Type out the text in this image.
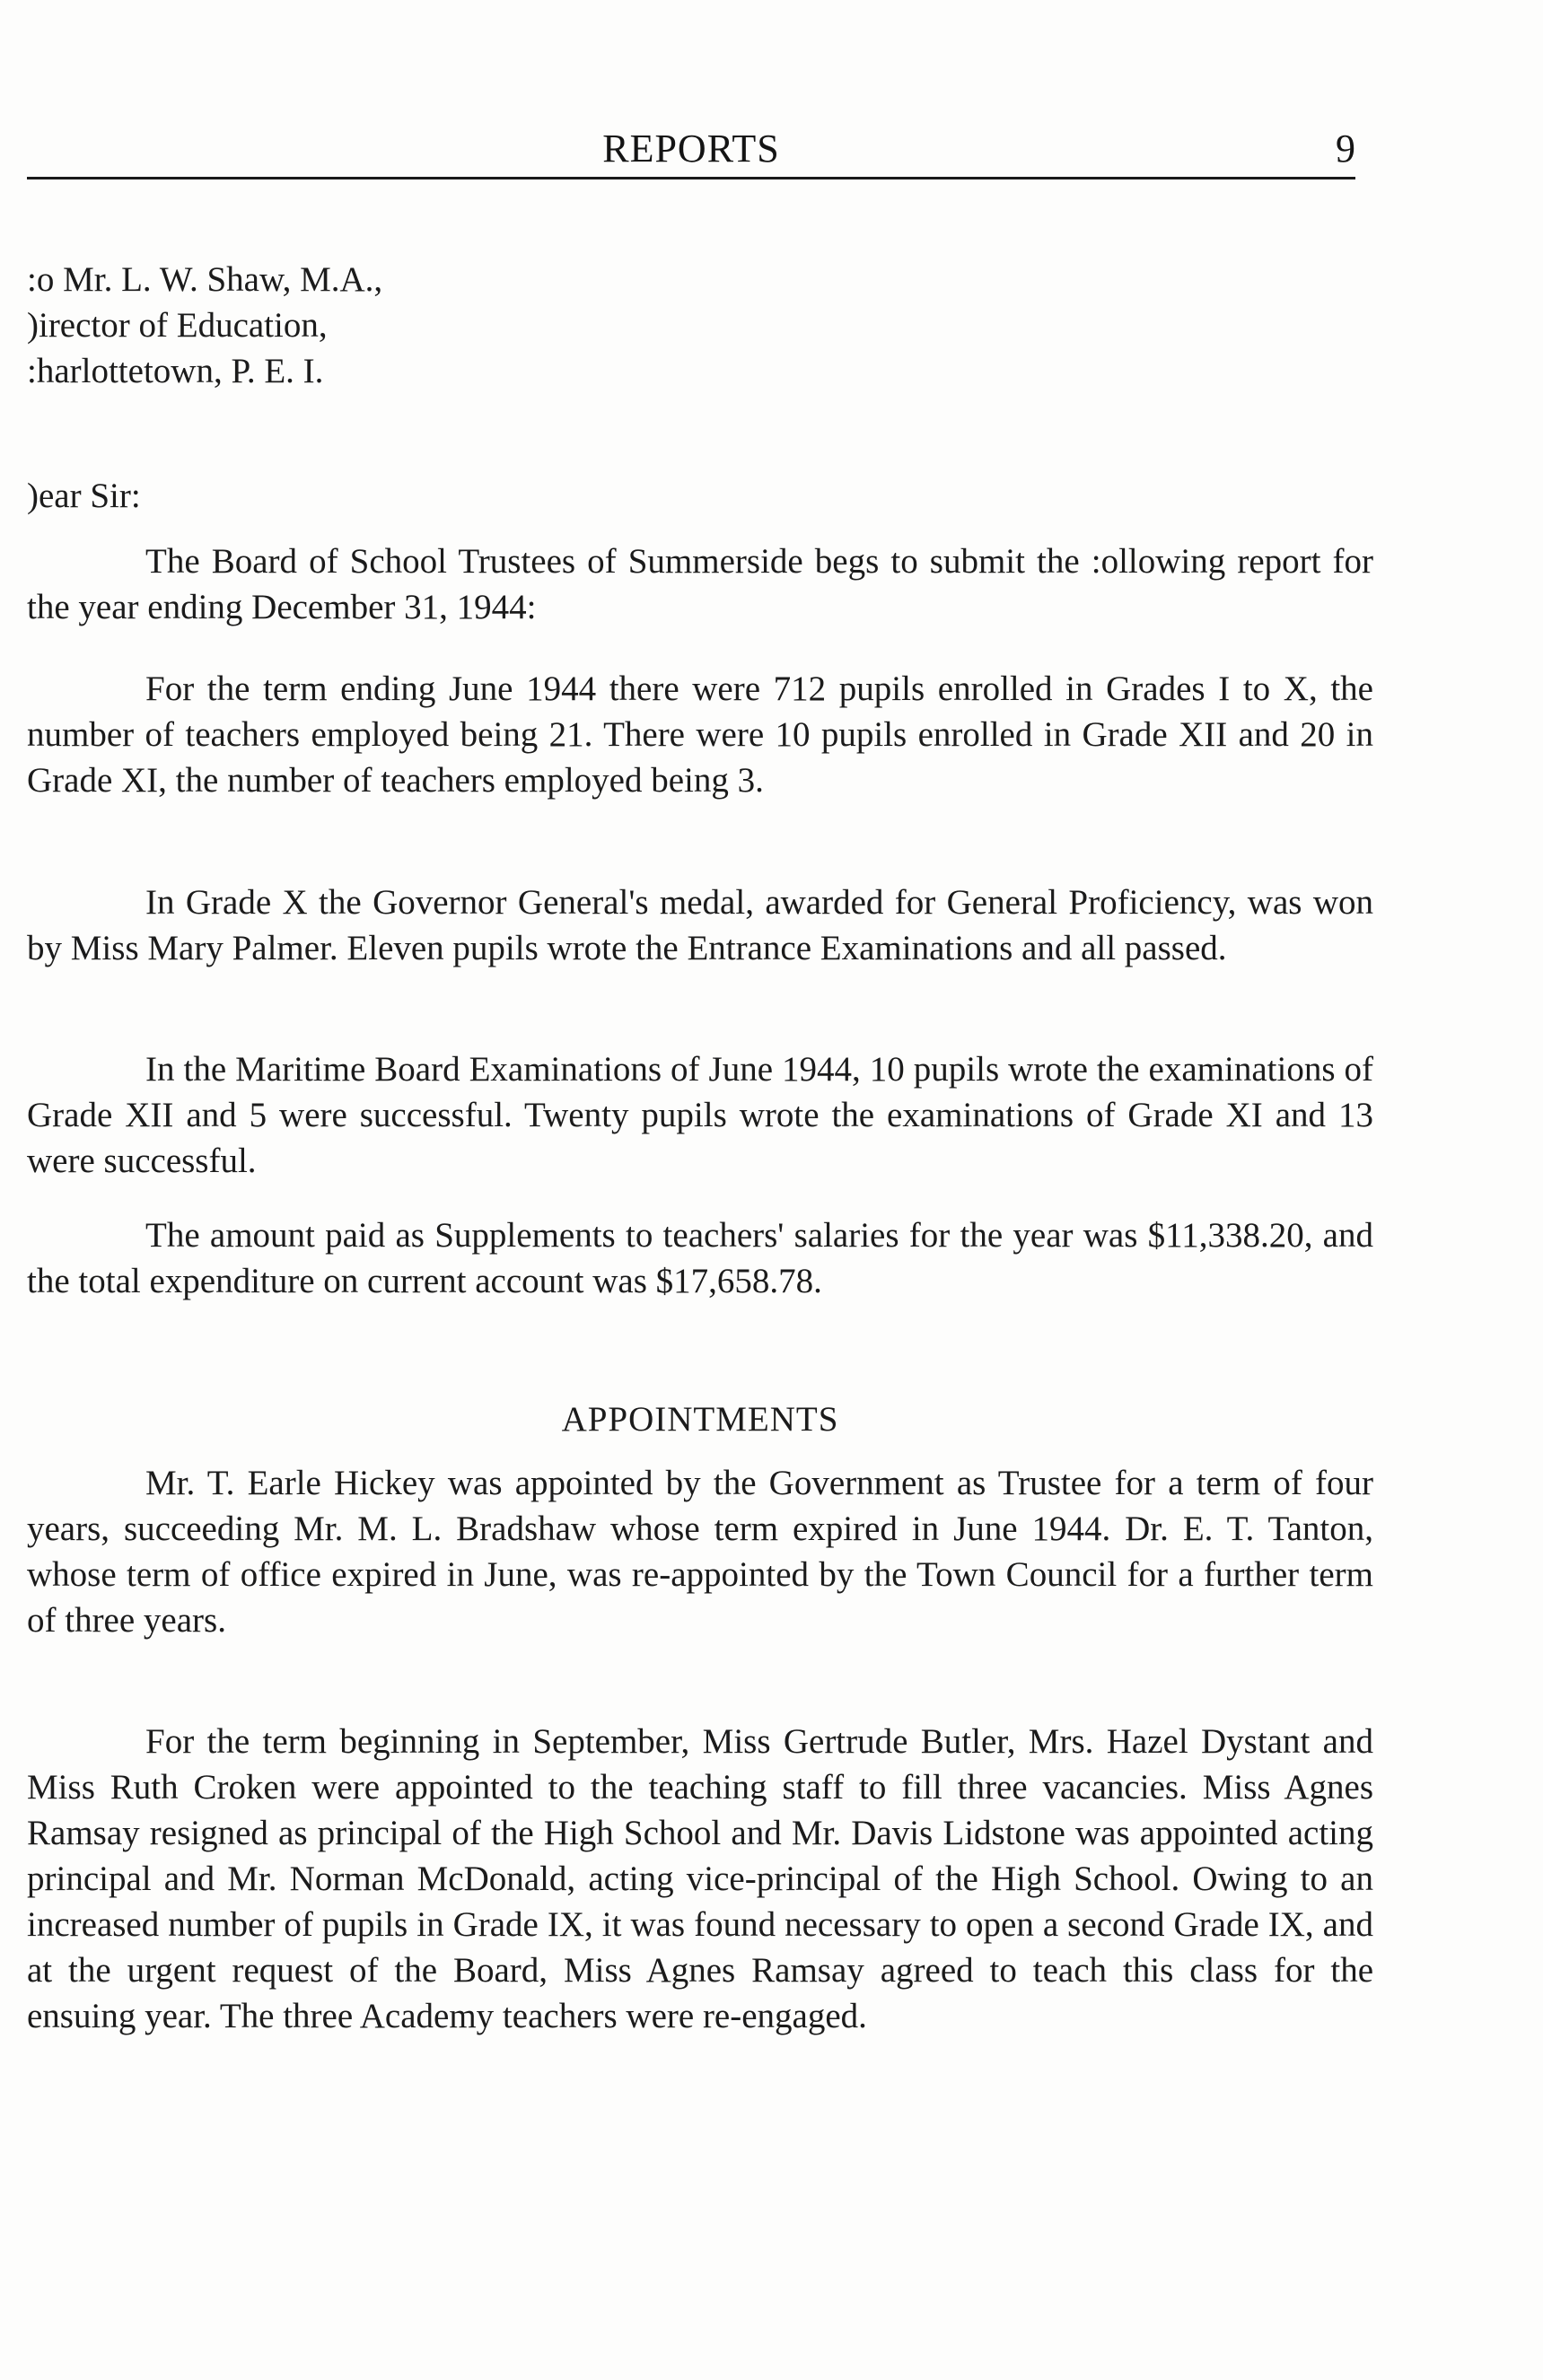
REPORTS	9

:o Mr. L. W. Shaw, M.A.,

)irector of Education,

:harlottetown, P. E. I.

)ear Sir:

The Board of School Trustees of Summerside begs to submit the :ollowing report for the year ending December 31, 1944:

For the term ending June 1944 there were 712 pupils enrolled in Grades I to X, the number of teachers employed being 21. There were 10 pupils enrolled in Grade XII and 20 in Grade XI, the number of teachers employed being 3.

In Grade X the Governor General's medal, awarded for General Proficiency, was won by Miss Mary Palmer. Eleven pupils wrote the Entrance Examinations and all passed.

In the Maritime Board Examinations of June 1944, 10 pupils wrote the examinations of Grade XII and 5 were successful. Twenty pupils wrote the examinations of Grade XI and 13 were successful.

The amount paid as Supplements to teachers' salaries for the year was $11,338.20, and the total expenditure on current account was $17,658.78.

APPOINTMENTS

Mr. T. Earle Hickey was appointed by the Government as Trustee for a term of four years, succeeding Mr. M. L. Bradshaw whose term expired in June 1944. Dr. E. T. Tanton, whose term of office expired in June, was re-appointed by the Town Council for a further term of three years.

For the term beginning in September, Miss Gertrude Butler, Mrs. Hazel Dystant and Miss Ruth Croken were appointed to the teaching staff to fill three vacancies. Miss Agnes Ramsay resigned as principal of the High School and Mr. Davis Lidstone was appointed acting principal and Mr. Norman McDonald, acting vice-principal of the High School. Owing to an increased number of pupils in Grade IX, it was found necessary to open a second Grade IX, and at the urgent request of the Board, Miss Agnes Ramsay agreed to teach this class for the ensuing year. The three Academy teachers were re-engaged.
